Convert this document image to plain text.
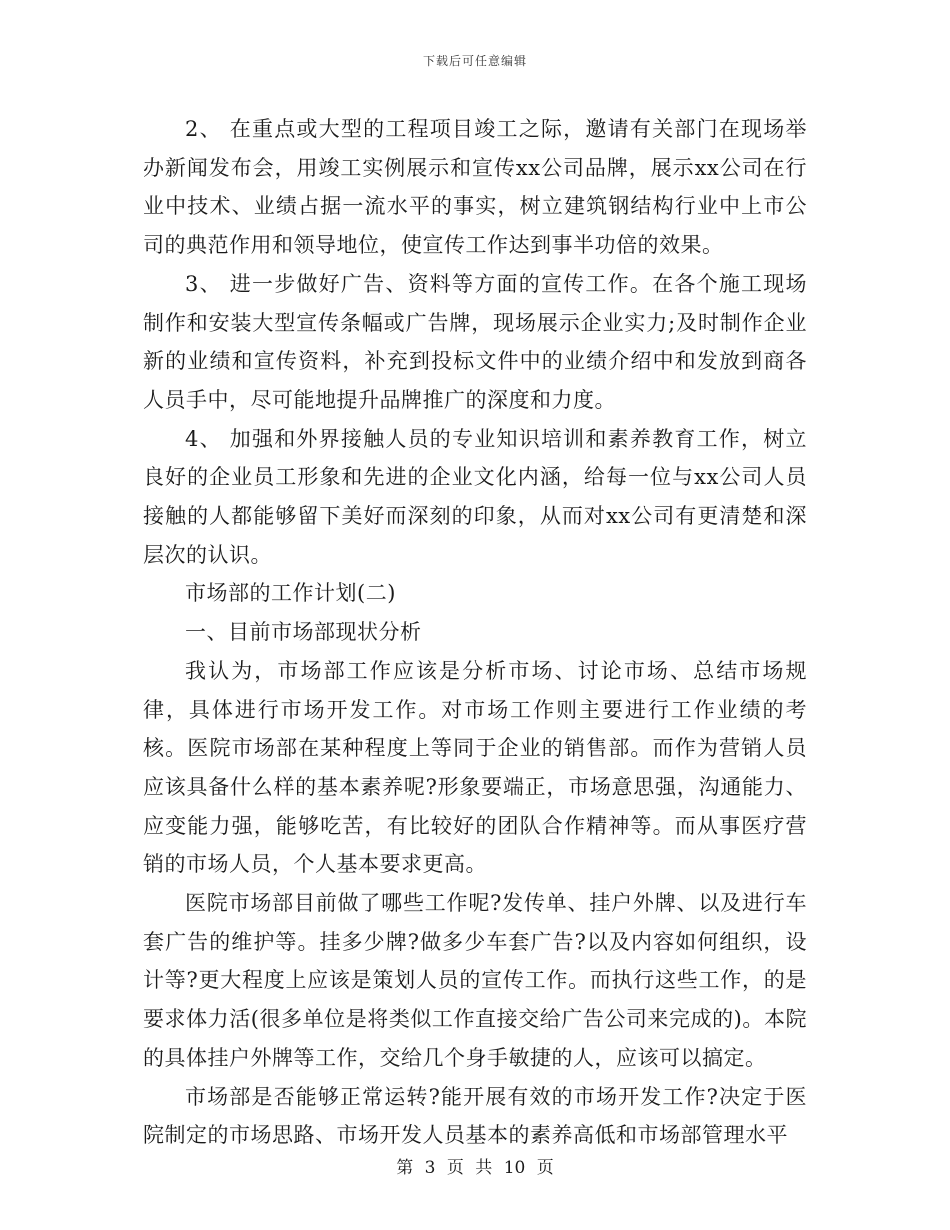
下载后可任意编辑

2、 在重点或大型的工程项目竣工之际，邀请有关部门在现场举办新闻发布会，用竣工实例展示和宣传xx公司品牌，展示xx公司在行业中技术、业绩占据一流水平的事实，树立建筑钢结构行业中上市公司的典范作用和领导地位，使宣传工作达到事半功倍的效果。

3、 进一步做好广告、资料等方面的宣传工作。在各个施工现场制作和安装大型宣传条幅或广告牌，现场展示企业实力;及时制作企业新的业绩和宣传资料，补充到投标文件中的业绩介绍中和发放到商各人员手中，尽可能地提升品牌推广的深度和力度。

4、 加强和外界接触人员的专业知识培训和素养教育工作，树立良好的企业员工形象和先进的企业文化内涵，给每一位与xx公司人员接触的人都能够留下美好而深刻的印象，从而对xx公司有更清楚和深层次的认识。

市场部的工作计划(二)

一、目前市场部现状分析

我认为，市场部工作应该是分析市场、讨论市场、总结市场规律，具体进行市场开发工作。对市场工作则主要进行工作业绩的考核。医院市场部在某种程度上等同于企业的销售部。而作为营销人员应该具备什么样的基本素养呢?形象要端正，市场意思强，沟通能力、应变能力强，能够吃苦，有比较好的团队合作精神等。而从事医疗营销的市场人员，个人基本要求更高。

医院市场部目前做了哪些工作呢?发传单、挂户外牌、以及进行车套广告的维护等。挂多少牌?做多少车套广告?以及内容如何组织，设计等?更大程度上应该是策划人员的宣传工作。而执行这些工作，的是要求体力活(很多单位是将类似工作直接交给广告公司来完成的)。本院的具体挂户外牌等工作，交给几个身手敏捷的人，应该可以搞定。

市场部是否能够正常运转?能开展有效的市场开发工作?决定于医院制定的市场思路、市场开发人员基本的素养高低和市场部管理水平

第 3 页 共 10 页
